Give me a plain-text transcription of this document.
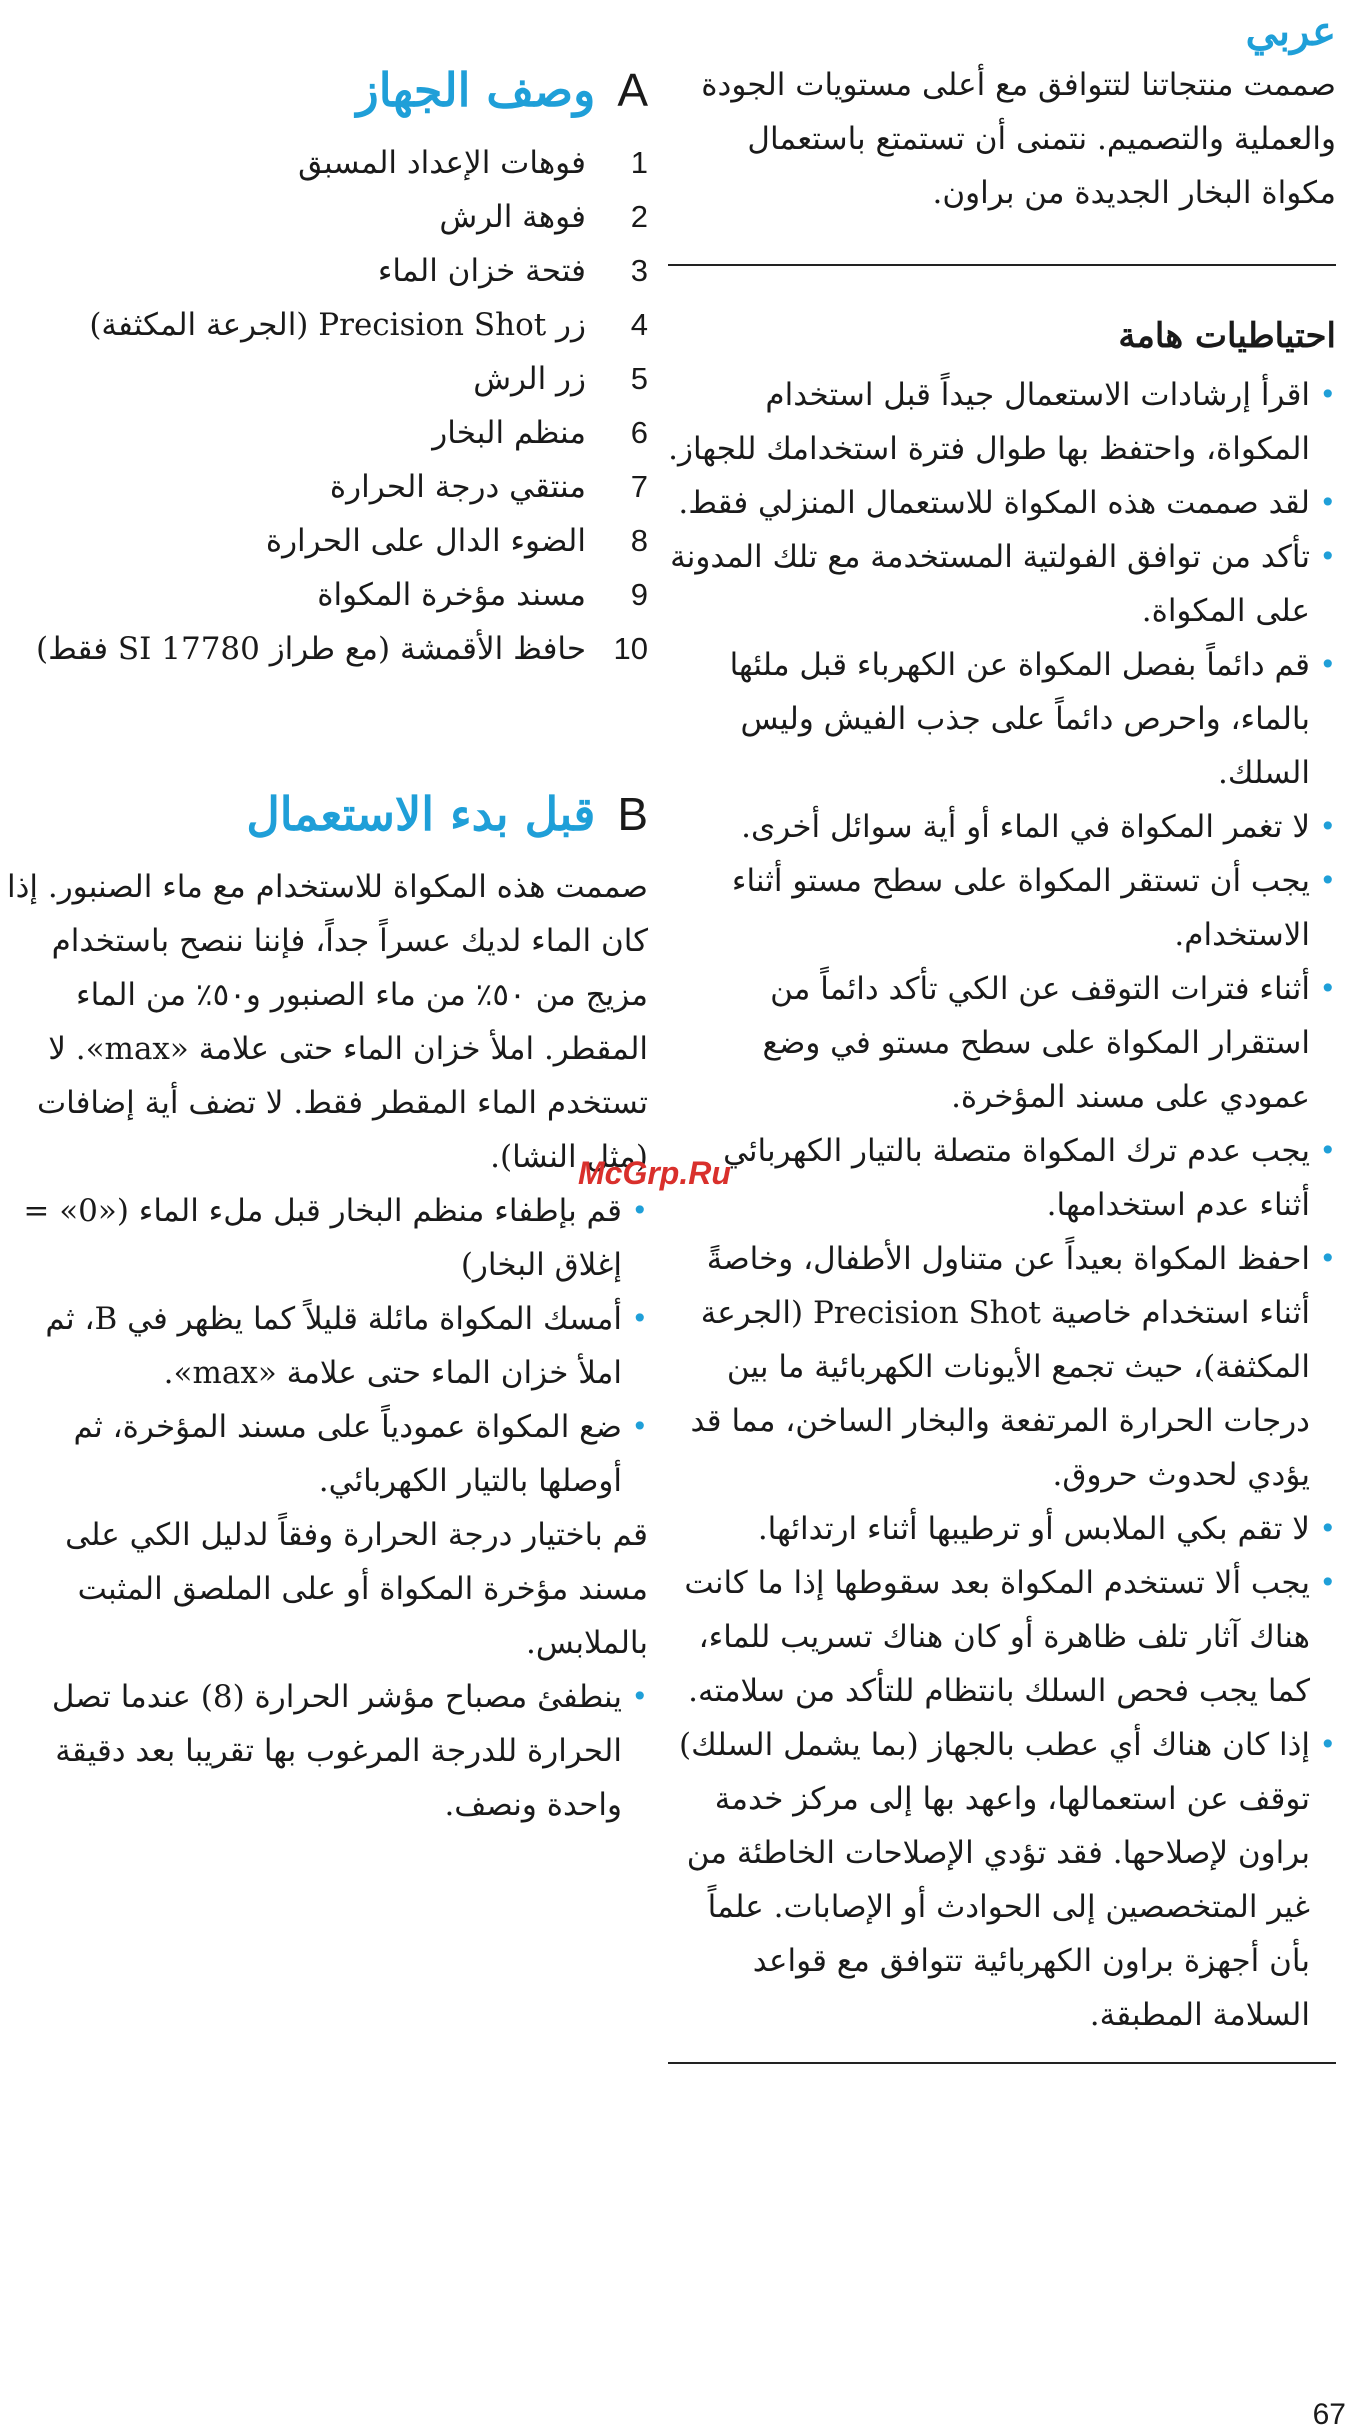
عربي

صممت منتجاتنا لتتوافق مع أعلى مستويات الجودة والعملية والتصميم. نتمنى أن تستمتع باستعمال مكواة البخار الجديدة من براون.

احتياطيات هامة
•
اقرأ إرشادات الاستعمال جيداً قبل استخدام المكواة، واحتفظ بها طوال فترة استخدامك للجهاز.
•
لقد صممت هذه المكواة للاستعمال المنزلي فقط.
•
تأكد من توافق الفولتية المستخدمة مع تلك المدونة على المكواة.
•
قم دائماً بفصل المكواة عن الكهرباء قبل ملئها بالماء، واحرص دائماً على جذب الفيش وليس السلك.
•
لا تغمر المكواة في الماء أو أية سوائل أخرى.
•
يجب أن تستقر المكواة على سطح مستو أثناء الاستخدام.
•
أثناء فترات التوقف عن الكي تأكد دائماً من استقرار المكواة على سطح مستو في وضع عمودي على مسند المؤخرة.
•
يجب عدم ترك المكواة متصلة بالتيار الكهربائي أثناء عدم استخدامها.
•
احفظ المكواة بعيداً عن متناول الأطفال، وخاصةً أثناء استخدام خاصية Precision Shot (الجرعة المكثفة)، حيث تجمع الأيونات الكهربائية ما بين درجات الحرارة المرتفعة والبخار الساخن، مما قد يؤدي لحدوث حروق.
•
لا تقم بكي الملابس أو ترطيبها أثناء ارتدائها.
•
يجب ألا تستخدم المكواة بعد سقوطها إذا ما كانت هناك آثار تلف ظاهرة أو كان هناك تسريب للماء، كما يجب فحص السلك بانتظام للتأكد من سلامته.
•
إذا كان هناك أي عطب بالجهاز (بما يشمل السلك) توقف عن استعمالها، واعهد بها إلى مركز خدمة براون لإصلاحها. فقد تؤدي الإصلاحات الخاطئة من غير المتخصصين إلى الحوادث أو الإصابات. علماً بأن أجهزة براون الكهربائية تتوافق مع قواعد السلامة المطبقة.
A
وصف الجهاز
1
فوهات الإعداد المسبق
2
فوهة الرش
3
فتحة خزان الماء
4
زر Precision Shot (الجرعة المكثفة)
5
زر الرش
6
منظم البخار
7
منتقي درجة الحرارة
8
الضوء الدال على الحرارة
9
مسند مؤخرة المكواة
10
حافظ الأقمشة (مع طراز SI 17780 فقط)
B
قبل بدء الاستعمال

صممت هذه المكواة للاستخدام مع ماء الصنبور. إذا كان الماء لديك عسراً جداً، فإننا ننصح باستخدام مزيج من ٥٠٪ من ماء الصنبور و٥٠٪ من الماء المقطر. املأ خزان الماء حتى علامة «max». لا تستخدم الماء المقطر فقط. لا تضف أية إضافات (مثل النشا).

•
قم بإطفاء منظم البخار قبل ملء الماء («0» = إغلاق البخار)
•
أمسك المكواة مائلة قليلاً كما يظهر في B، ثم املأ خزان الماء حتى علامة «max».
•
ضع المكواة عمودياً على مسند المؤخرة، ثم أوصلها بالتيار الكهربائي.

قم باختيار درجة الحرارة وفقاً لدليل الكي على مسند مؤخرة المكواة أو على الملصق المثبت بالملابس.

•
ينطفئ مصباح مؤشر الحرارة (8) عندما تصل الحرارة للدرجة المرغوب بها تقريبا بعد دقيقة واحدة ونصف.
McGrp.Ru
67
